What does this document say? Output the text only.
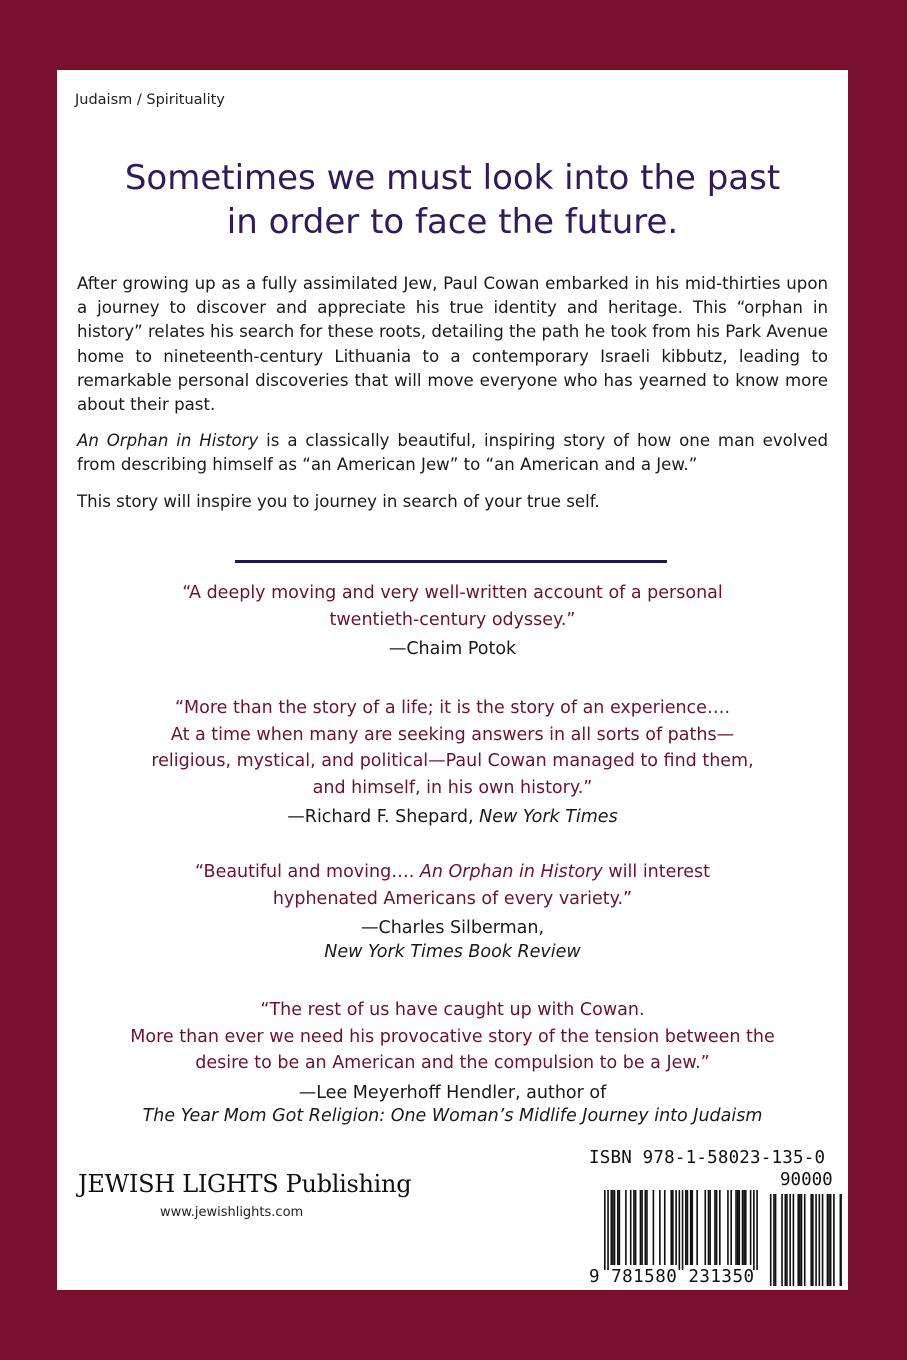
Judaism / Spirituality
Sometimes we must look into the past
in order to face the future.

After growing up as a fully assimilated Jew, Paul Cowan embarked in his mid-thirties upon a journey to discover and appreciate his true identity and heritage. This “orphan in history” relates his search for these roots, detailing the path he took from his Park Avenue home to nineteenth-century Lithuania to a contemporary Israeli kibbutz, leading to remarkable personal discoveries that will move everyone who has yearned to know more about their past.

An Orphan in History is a classically beautiful, inspiring story of how one man evolved from describing himself as “an American Jew” to “an American and a Jew.”

This story will inspire you to journey in search of your true self.

“A deeply moving and very well-written account of a personal
twentieth-century odyssey.”
—Chaim Potok
“More than the story of a life; it is the story of an experience….
At a time when many are seeking answers in all sorts of paths—
religious, mystical, and political—Paul Cowan managed to find them,
and himself, in his own history.”
—Richard F. Shepard, New York Times
“Beautiful and moving…. An Orphan in History will interest
hyphenated Americans of every variety.”
—Charles Silberman,
New York Times Book Review
“The rest of us have caught up with Cowan.
More than ever we need his provocative story of the tension between the
desire to be an American and the compulsion to be a Jew.”
—Lee Meyerhoff Hendler, author of
The Year Mom Got Religion: One Woman’s Midlife Journey into Judaism
JEWISH LIGHTS Publishing
www.jewishlights.com
ISBN 978-1-58023-135-0
90000
9 781580 231350
